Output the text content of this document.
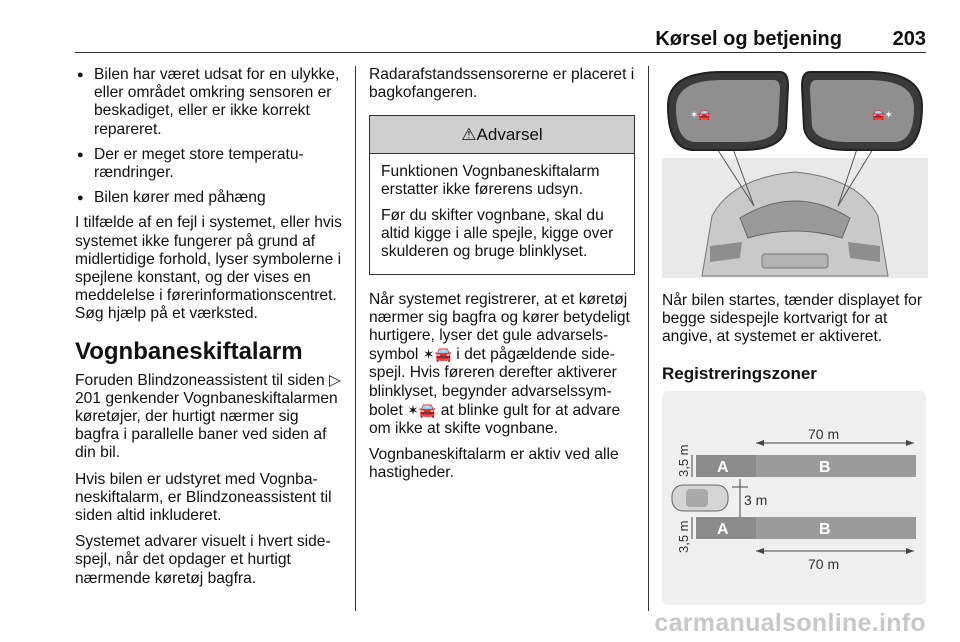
Kørsel og betjening	203
● Bilen har været udsat for en ulykke, eller området omkring sensoren er beskadiget, eller er ikke korrekt repareret.
● Der er meget store temperaturændringer.
● Bilen kører med påhæng

I tilfælde af en fejl i systemet, eller hvis systemet ikke fungerer på grund af midlertidige forhold, lyser symbolerne i spejlene konstant, og der vises en meddelelse i førerinformationscentret. Søg hjælp på et værksted.

Vognbaneskiftalarm

Foruden Blindzoneassistent til siden ▷ 201 genkender Vognbaneskiftalarmen køretøjer, der hurtigt nærmer sig bagfra i parallelle baner ved siden af din bil.

Hvis bilen er udstyret med Vognbaneskiftalarm, er Blindzoneassistent til siden altid inkluderet.

Systemet advarer visuelt i hvert sidespejl, når det opdager et hurtigt nærmende køretøj bagfra.

Radarafstandssensorerne er placeret i bagkofangeren.

⚠Advarsel

Funktionen Vognbaneskiftalarm erstatter ikke førerens udsyn.

Før du skifter vognbane, skal du altid kigge i alle spejle, kigge over skulderen og bruge blinklyset.

Når systemet registrerer, at et køretøj nærmer sig bagfra og kører betydeligt hurtigere, lyser det gule advarselssymbol ✶🚘 i det pågældende sidespejl. Hvis føreren derefter aktiverer blinklyset, begynder advarselssymbolet ✶🚘 at blinke gult for at advare om ikke at skifte vognbane.

Vognbaneskiftalarm er aktiv ved alle hastigheder.

✶🚘	🚘✶

Når bilen startes, tænder displayet for begge sidespejle kortvarigt for at angive, at systemet er aktiveret.

Registreringszoner
70 m
A	B
3,5 m
3 m
A	B
3,5 m
70 m
carmanualsonline.info
